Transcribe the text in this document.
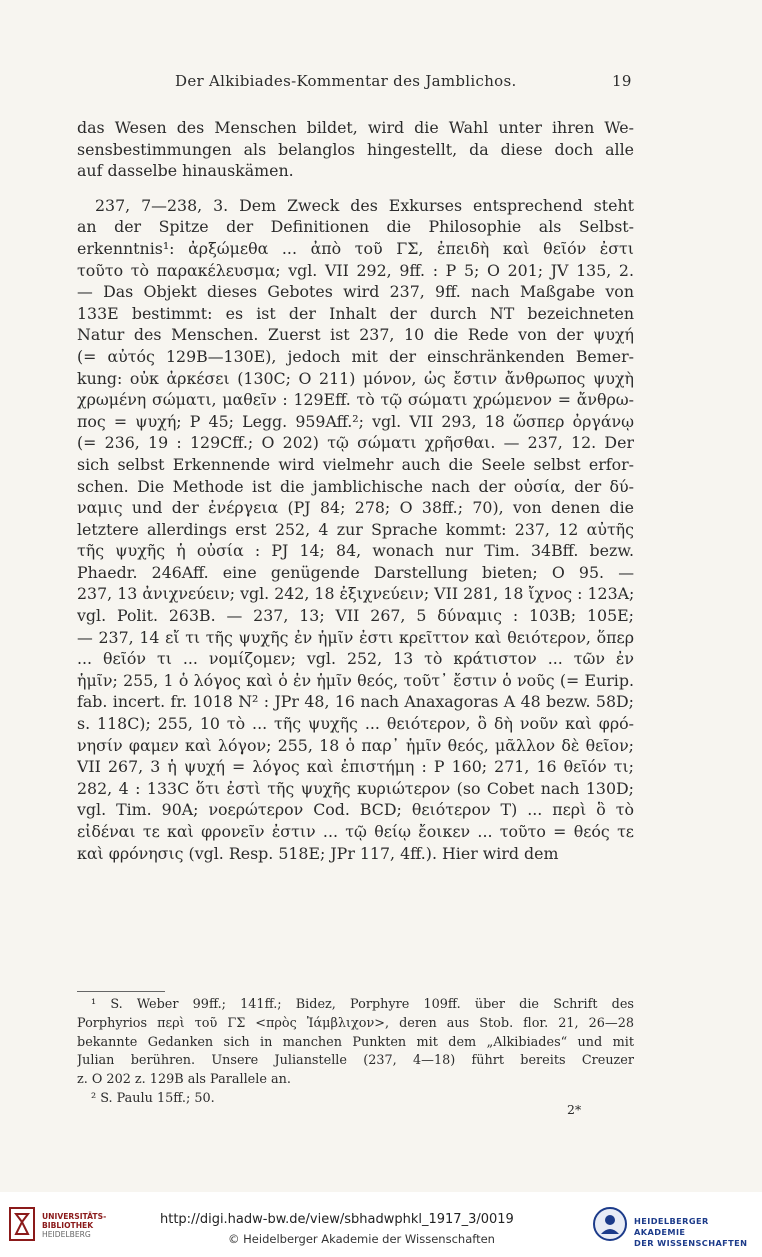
Der Alkibiades-Kommentar des Jamblichos.	19
das Wesen des Menschen bildet, wird die Wahl unter ihren We-
sensbestimmungen als belanglos hingestellt, da diese doch alle
auf dasselbe hinauskämen.
237, 7—238, 3. Dem Zweck des Exkurses entsprechend steht
an der Spitze der Definitionen die Philosophie als Selbst-
erkenntnis¹: ἀρξώμεθα ... ἀπὸ τοῦ ΓΣ, ἐπειδὴ καὶ θεῖόν ἐστι
τοῦτο τὸ παρακέλευσμα; vgl. VII 292, 9ff. : P 5; O 201; JV 135, 2.
— Das Objekt dieses Gebotes wird 237, 9ff. nach Maßgabe von
133E bestimmt: es ist der Inhalt der durch NT bezeichneten
Natur des Menschen. Zuerst ist 237, 10 die Rede von der ψυχή
(= αὐτός 129B—130E), jedoch mit der einschränkenden Bemer-
kung: οὐκ ἀρκέσει (130C; O 211) μόνον, ὡς ἔστιν ἄνθρωπος ψυχὴ
χρωμένη σώματι, μαθεῖν : 129Eff. τὸ τῷ σώματι χρώμενον = ἄνθρω-
πος = ψυχή; P 45; Legg. 959Aff.²; vgl. VII 293, 18 ὥσπερ ὀργάνῳ
(= 236, 19 : 129Cff.; O 202) τῷ σώματι χρῆσθαι. — 237, 12. Der
sich selbst Erkennende wird vielmehr auch die Seele selbst erfor-
schen. Die Methode ist die jamblichische nach der οὐσία, der δύ-
ναμις und der ἐνέργεια (PJ 84; 278; O 38ff.; 70), von denen die
letztere allerdings erst 252, 4 zur Sprache kommt: 237, 12 αὐτῆς
τῆς ψυχῆς ἡ οὐσία : PJ 14; 84, wonach nur Tim. 34Bff. bezw.
Phaedr. 246Aff. eine genügende Darstellung bieten; O 95. —
237, 13 ἀνιχνεύειν; vgl. 242, 18 ἐξιχνεύειν; VII 281, 18 ἴχνος : 123A;
vgl. Polit. 263B. — 237, 13; VII 267, 5 δύναμις : 103B; 105E;
— 237, 14 εἴ τι τῆς ψυχῆς ἐν ἡμῖν ἐστι κρεῖττον καὶ θειότερον, ὅπερ
... θεῖόν τι ... νομίζομεν; vgl. 252, 13 τὸ κράτιστον ... τῶν ἐν
ἡμῖν; 255, 1 ὁ λόγος καὶ ὁ ἐν ἡμῖν θεός, τοῦτ᾽ ἔστιν ὁ νοῦς (= Eurip.
fab. incert. fr. 1018 N² : JPr 48, 16 nach Anaxagoras A 48 bezw. 58D;
s. 118C); 255, 10 τὸ ... τῆς ψυχῆς ... θειότερον, ὃ δὴ νοῦν καὶ φρό-
νησίν φαμεν καὶ λόγον; 255, 18 ὁ παρ᾽ ἡμῖν θεός, μᾶλλον δὲ θεῖον;
VII 267, 3 ἡ ψυχή = λόγος καὶ ἐπιστήμη : P 160; 271, 16 θεῖόν τι;
282, 4 : 133C ὅτι ἐστὶ τῆς ψυχῆς κυριώτερον (so Cobet nach 130D;
vgl. Tim. 90A; νοερώτερον Cod. BCD; θειότερον T) ... περὶ ὃ τὸ
εἰδέναι τε καὶ φρονεῖν ἐστιν ... τῷ θείῳ ἔοικεν ... τοῦτο = θεός τε
καὶ φρόνησις (vgl. Resp. 518E; JPr 117, 4ff.). Hier wird dem
¹ S. Weber 99ff.; 141ff.; Bidez, Porphyre 109ff. über die Schrift des
Porphyrios περὶ τοῦ ΓΣ <πρὸς Ἰάμβλιχον>, deren aus Stob. flor. 21, 26—28
bekannte Gedanken sich in manchen Punkten mit dem „Alkibiades“ und mit
Julian berühren. Unsere Julianstelle (237, 4—18) führt bereits Creuzer
z. O 202 z. 129B als Parallele an.
² S. Paulu 15ff.; 50.
2*
UNIVERSITÄTS-
BIBLIOTHEK
HEIDELBERG
http://digi.hadw-bw.de/view/sbhadwphkl_1917_3/0019
© Heidelberger Akademie der Wissenschaften
HEIDELBERGER AKADEMIE
DER WISSENSCHAFTEN
